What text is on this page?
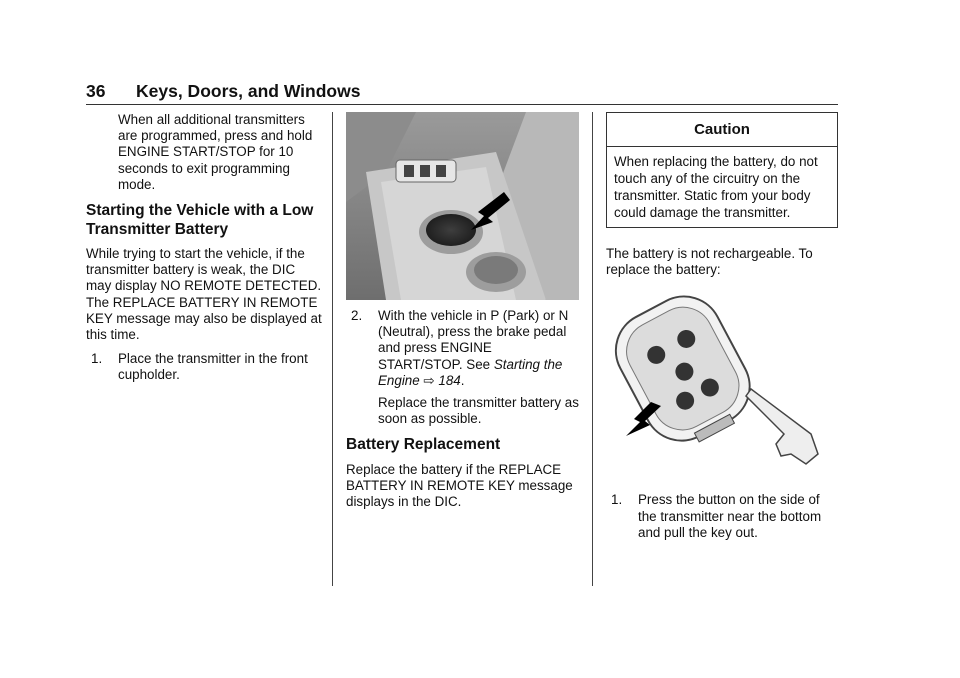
36 Keys, Doors, and Windows

When all additional transmitters are programmed, press and hold ENGINE START/STOP for 10 seconds to exit programming mode.

Starting the Vehicle with a Low Transmitter Battery

While trying to start the vehicle, if the transmitter battery is weak, the DIC may display NO REMOTE DETECTED. The REPLACE BATTERY IN REMOTE KEY message may also be displayed at this time.

1. Place the transmitter in the front cupholder.
2. With the vehicle in P (Park) or N (Neutral), press the brake pedal and press ENGINE START/STOP. See Starting the Engine ⇨ 184.

Replace the transmitter battery as soon as possible.

Battery Replacement

Replace the battery if the REPLACE BATTERY IN REMOTE KEY message displays in the DIC.

Caution
When replacing the battery, do not touch any of the circuitry on the transmitter. Static from your body could damage the transmitter.

The battery is not rechargeable. To replace the battery:

1. Press the button on the side of the transmitter near the bottom and pull the key out.
